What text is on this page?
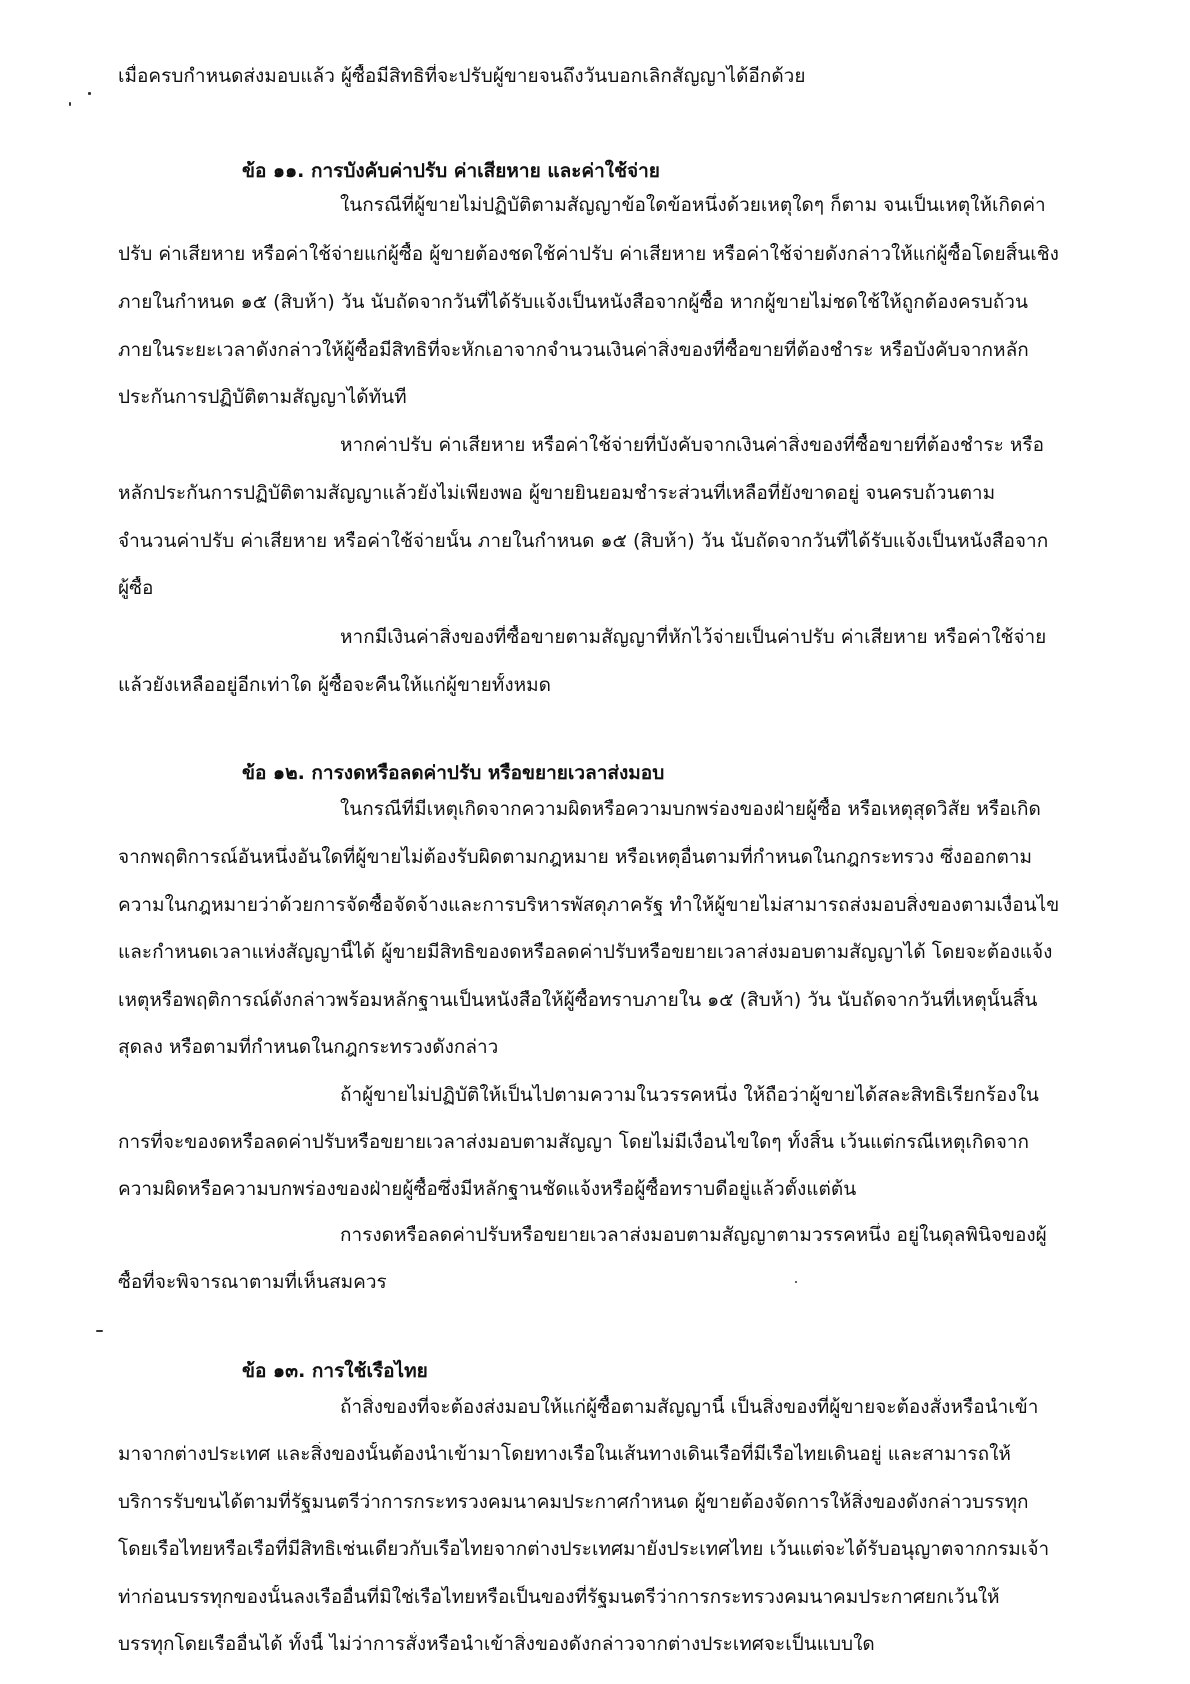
เมื่อครบกำหนดส่งมอบแล้ว ผู้ซื้อมีสิทธิที่จะปรับผู้ขายจนถึงวันบอกเลิกสัญญาได้อีกด้วย
ข้อ ๑๑. การบังคับค่าปรับ ค่าเสียหาย และค่าใช้จ่าย
ในกรณีที่ผู้ขายไม่ปฏิบัติตามสัญญาข้อใดข้อหนึ่งด้วยเหตุใดๆ ก็ตาม จนเป็นเหตุให้เกิดค่า
ปรับ ค่าเสียหาย หรือค่าใช้จ่ายแก่ผู้ซื้อ ผู้ขายต้องชดใช้ค่าปรับ ค่าเสียหาย หรือค่าใช้จ่ายดังกล่าวให้แก่ผู้ซื้อโดยสิ้นเชิง
ภายในกำหนด ๑๕ (สิบห้า) วัน นับถัดจากวันที่ได้รับแจ้งเป็นหนังสือจากผู้ซื้อ หากผู้ขายไม่ชดใช้ให้ถูกต้องครบถ้วน
ภายในระยะเวลาดังกล่าวให้ผู้ซื้อมีสิทธิที่จะหักเอาจากจำนวนเงินค่าสิ่งของที่ซื้อขายที่ต้องชำระ หรือบังคับจากหลัก
ประกันการปฏิบัติตามสัญญาได้ทันที
หากค่าปรับ ค่าเสียหาย หรือค่าใช้จ่ายที่บังคับจากเงินค่าสิ่งของที่ซื้อขายที่ต้องชำระ หรือ
หลักประกันการปฏิบัติตามสัญญาแล้วยังไม่เพียงพอ ผู้ขายยินยอมชำระส่วนที่เหลือที่ยังขาดอยู่ จนครบถ้วนตาม
จำนวนค่าปรับ ค่าเสียหาย หรือค่าใช้จ่ายนั้น ภายในกำหนด ๑๕ (สิบห้า) วัน นับถัดจากวันที่ได้รับแจ้งเป็นหนังสือจาก
ผู้ซื้อ
หากมีเงินค่าสิ่งของที่ซื้อขายตามสัญญาที่หักไว้จ่ายเป็นค่าปรับ ค่าเสียหาย หรือค่าใช้จ่าย
แล้วยังเหลืออยู่อีกเท่าใด ผู้ซื้อจะคืนให้แก่ผู้ขายทั้งหมด
ข้อ ๑๒. การงดหรือลดค่าปรับ หรือขยายเวลาส่งมอบ
ในกรณีที่มีเหตุเกิดจากความผิดหรือความบกพร่องของฝ่ายผู้ซื้อ หรือเหตุสุดวิสัย หรือเกิด
จากพฤติการณ์อันหนึ่งอันใดที่ผู้ขายไม่ต้องรับผิดตามกฎหมาย หรือเหตุอื่นตามที่กำหนดในกฎกระทรวง ซึ่งออกตาม
ความในกฎหมายว่าด้วยการจัดซื้อจัดจ้างและการบริหารพัสดุภาครัฐ ทำให้ผู้ขายไม่สามารถส่งมอบสิ่งของตามเงื่อนไข
และกำหนดเวลาแห่งสัญญานี้ได้ ผู้ขายมีสิทธิของดหรือลดค่าปรับหรือขยายเวลาส่งมอบตามสัญญาได้ โดยจะต้องแจ้ง
เหตุหรือพฤติการณ์ดังกล่าวพร้อมหลักฐานเป็นหนังสือให้ผู้ซื้อทราบภายใน ๑๕ (สิบห้า) วัน นับถัดจากวันที่เหตุนั้นสิ้น
สุดลง หรือตามที่กำหนดในกฎกระทรวงดังกล่าว
ถ้าผู้ขายไม่ปฏิบัติให้เป็นไปตามความในวรรคหนึ่ง ให้ถือว่าผู้ขายได้สละสิทธิเรียกร้องใน
การที่จะของดหรือลดค่าปรับหรือขยายเวลาส่งมอบตามสัญญา โดยไม่มีเงื่อนไขใดๆ ทั้งสิ้น เว้นแต่กรณีเหตุเกิดจาก
ความผิดหรือความบกพร่องของฝ่ายผู้ซื้อซึ่งมีหลักฐานชัดแจ้งหรือผู้ซื้อทราบดีอยู่แล้วตั้งแต่ต้น
การงดหรือลดค่าปรับหรือขยายเวลาส่งมอบตามสัญญาตามวรรคหนึ่ง อยู่ในดุลพินิจของผู้
ซื้อที่จะพิจารณาตามที่เห็นสมควร
ข้อ ๑๓. การใช้เรือไทย
ถ้าสิ่งของที่จะต้องส่งมอบให้แก่ผู้ซื้อตามสัญญานี้ เป็นสิ่งของที่ผู้ขายจะต้องสั่งหรือนำเข้า
มาจากต่างประเทศ และสิ่งของนั้นต้องนำเข้ามาโดยทางเรือในเส้นทางเดินเรือที่มีเรือไทยเดินอยู่ และสามารถให้
บริการรับขนได้ตามที่รัฐมนตรีว่าการกระทรวงคมนาคมประกาศกำหนด ผู้ขายต้องจัดการให้สิ่งของดังกล่าวบรรทุก
โดยเรือไทยหรือเรือที่มีสิทธิเช่นเดียวกับเรือไทยจากต่างประเทศมายังประเทศไทย เว้นแต่จะได้รับอนุญาตจากกรมเจ้า
ท่าก่อนบรรทุกของนั้นลงเรืออื่นที่มิใช่เรือไทยหรือเป็นของที่รัฐมนตรีว่าการกระทรวงคมนาคมประกาศยกเว้นให้
บรรทุกโดยเรืออื่นได้ ทั้งนี้ ไม่ว่าการสั่งหรือนำเข้าสิ่งของดังกล่าวจากต่างประเทศจะเป็นแบบใด
